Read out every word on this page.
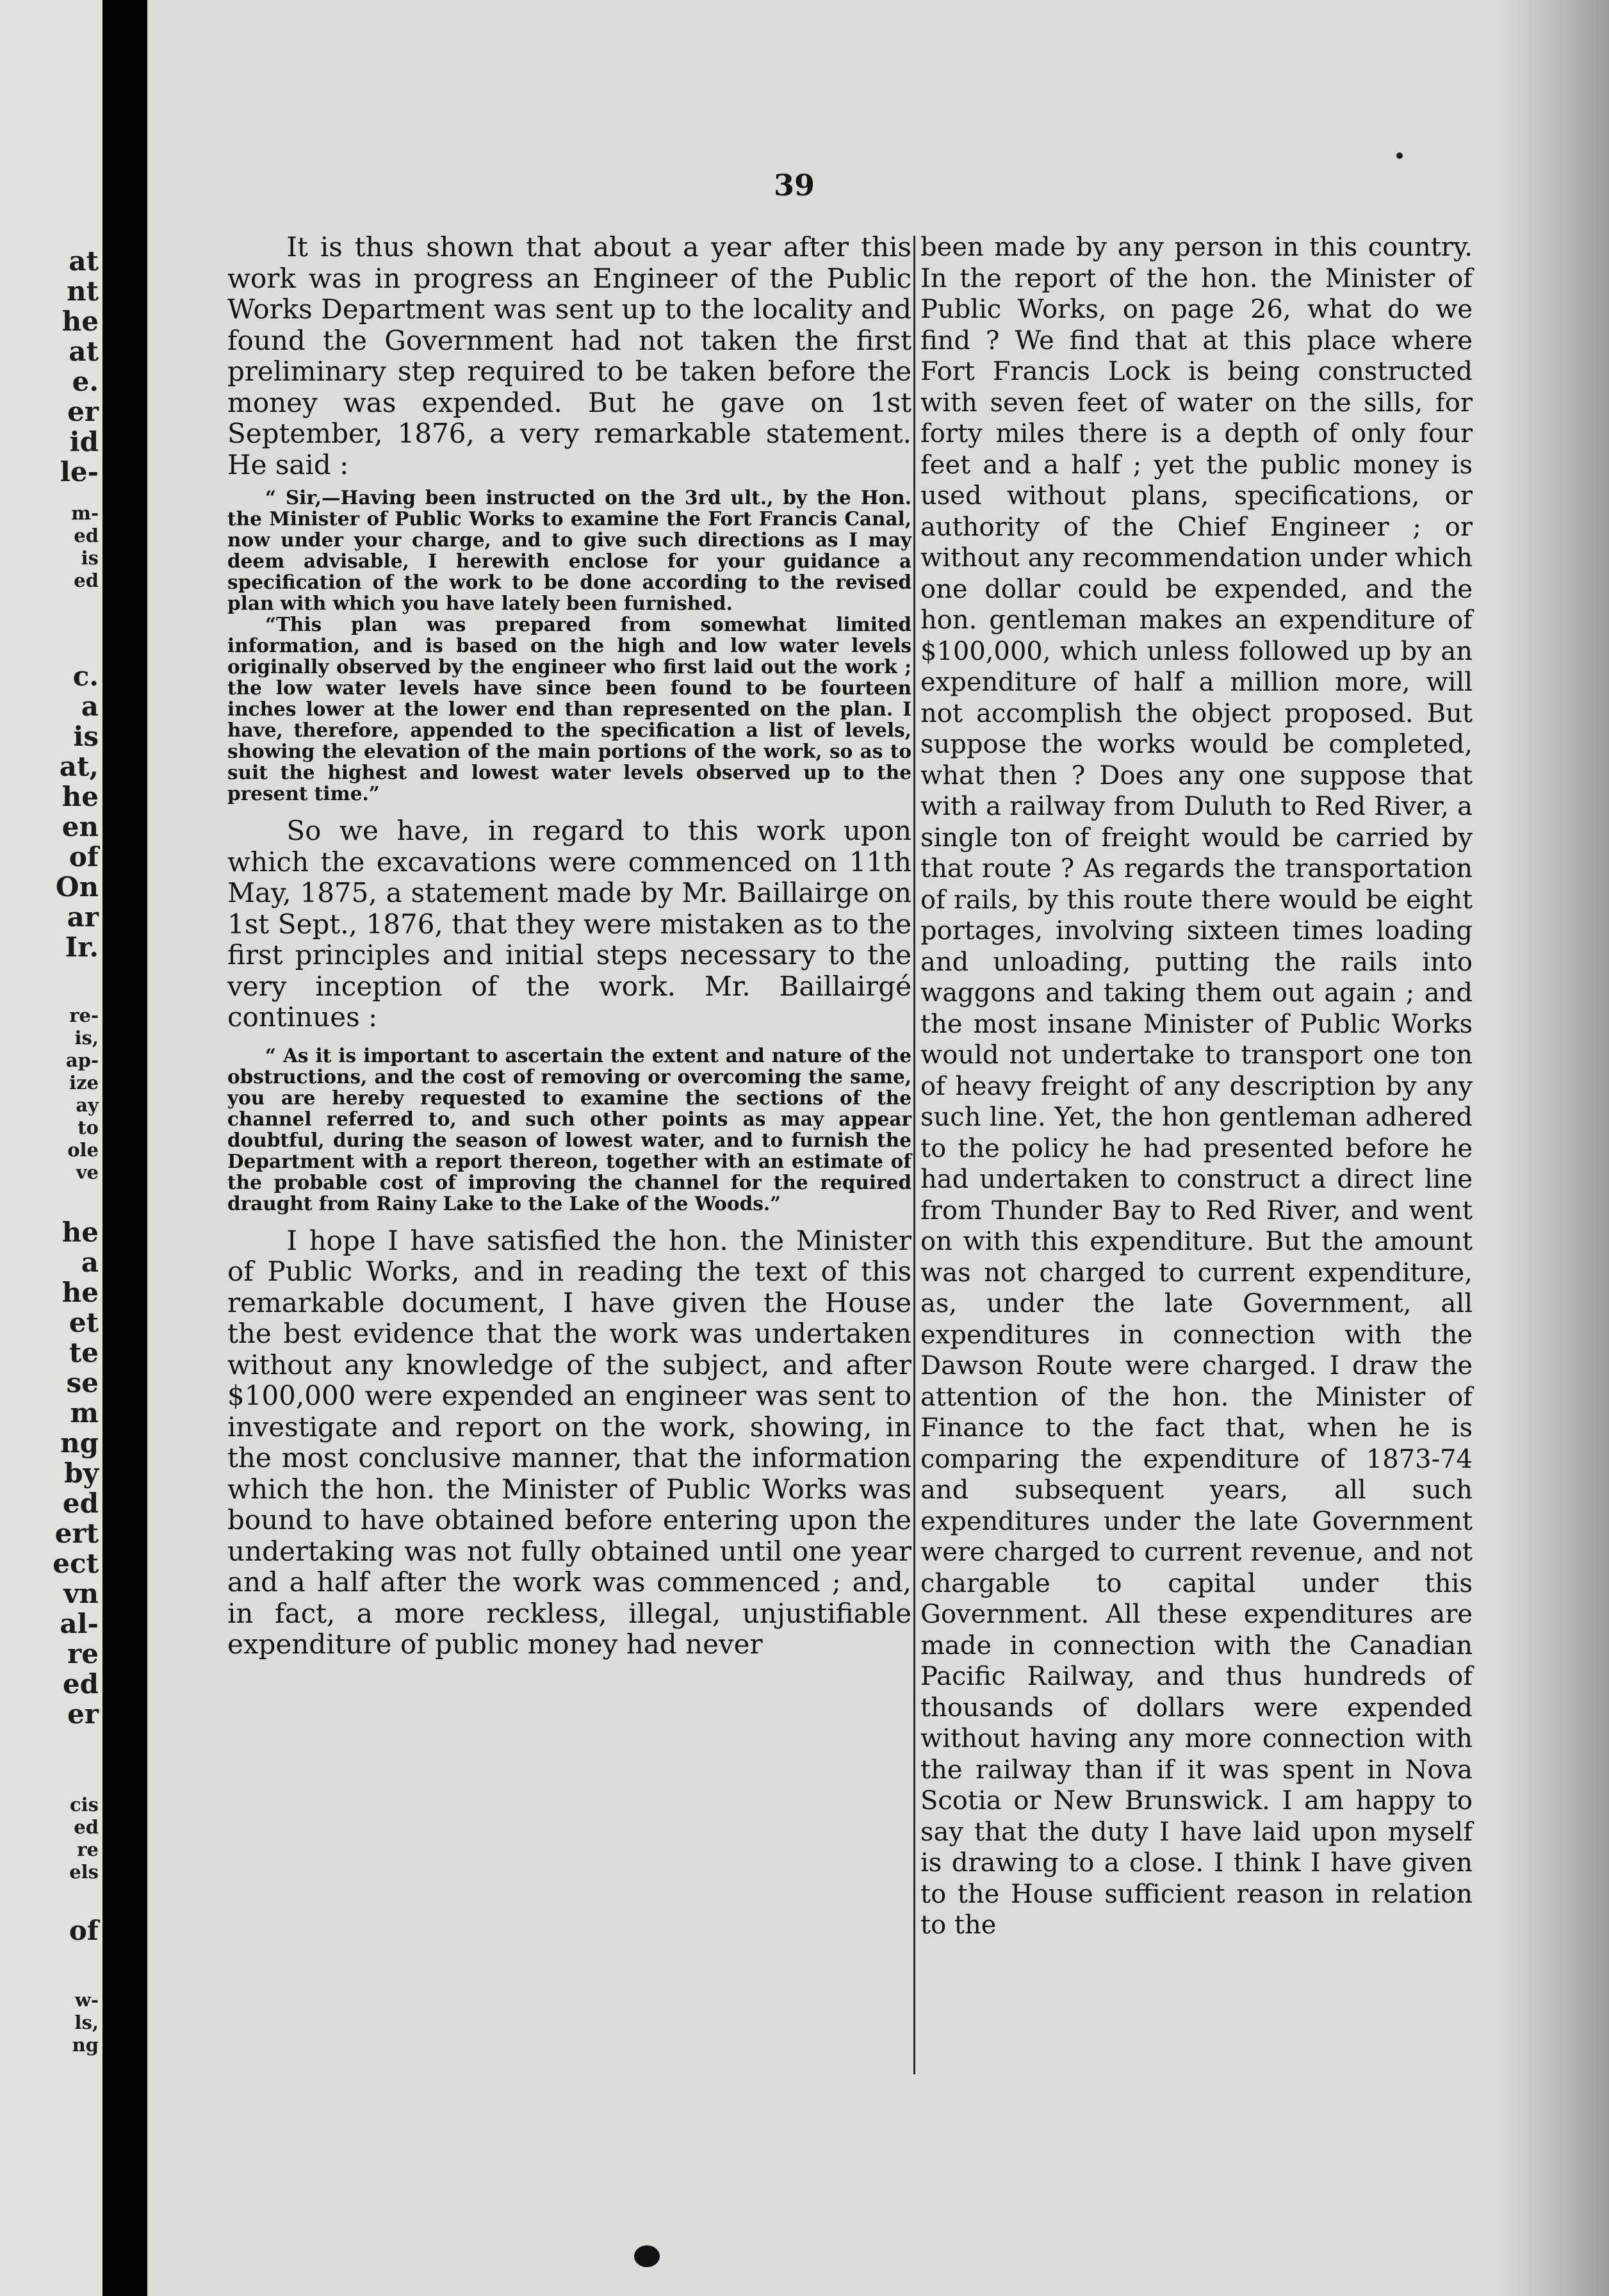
at

nt

he

at

e.

er

id

le-

m-

ed

is

ed

c.

a

is

at,

he

en

of

On

ar

Ir.

re-

is,

ap-

ize

ay

to

ole

ve

he

a

he

et

te

se

m

ng

by

ed

ert

ect

vn

al-

re

ed

er

cis

ed

re

els

of

w-

ls,

ng

39

It is thus shown that about a year after this work was in progress an Engineer of the Public Works Department was sent up to the locality and found the Government had not taken the first preliminary step required to be taken before the money was expended. But he gave on 1st September, 1876, a very remarkable statement. He said :

“ Sir,—Having been instructed on the 3rd ult., by the Hon. the Minister of Public Works to examine the Fort Francis Canal, now under your charge, and to give such directions as I may deem advisable, I herewith enclose for your guidance a specification of the work to be done according to the revised plan with which you have lately been furnished.

“This plan was prepared from somewhat limited information, and is based on the high and low water levels originally observed by the engineer who first laid out the work ; the low water levels have since been found to be fourteen inches lower at the lower end than represented on the plan. I have, therefore, appended to the specification a list of levels, showing the elevation of the main portions of the work, so as to suit the highest and lowest water levels observed up to the present time.”

So we have, in regard to this work upon which the excavations were commenced on 11th May, 1875, a statement made by Mr. Baillairge on 1st Sept., 1876, that they were mistaken as to the first principles and initial steps necessary to the very inception of the work. Mr. Baillairgé continues :

“ As it is important to ascertain the extent and nature of the obstructions, and the cost of removing or overcoming the same, you are hereby requested to examine the sections of the channel referred to, and such other points as may appear doubtful, during the season of lowest water, and to furnish the Department with a report thereon, together with an estimate of the probable cost of improving the channel for the required draught from Rainy Lake to the Lake of the Woods.”

I hope I have satisfied the hon. the Minister of Public Works, and in reading the text of this remarkable document, I have given the House the best evidence that the work was undertaken without any knowledge of the subject, and after $100,000 were expended an engineer was sent to investigate and report on the work, showing, in the most conclusive manner, that the information which the hon. the Minister of Public Works was bound to have obtained before entering upon the undertaking was not fully obtained until one year and a half after the work was commenced ; and, in fact, a more reckless, illegal, unjustifiable expenditure of public money had never

been made by any person in this country. In the report of the hon. the Minister of Public Works, on page 26, what do we find ? We find that at this place where Fort Francis Lock is being constructed with seven feet of water on the sills, for forty miles there is a depth of only four feet and a half ; yet the public money is used without plans, specifications, or authority of the Chief Engineer ; or without any recommendation under which one dollar could be expended, and the hon. gentleman makes an expenditure of $100,000, which unless followed up by an expenditure of half a million more, will not accomplish the object proposed. But suppose the works would be completed, what then ? Does any one suppose that with a railway from Duluth to Red River, a single ton of freight would be carried by that route ? As regards the transportation of rails, by this route there would be eight portages, involving sixteen times loading and unloading, putting the rails into waggons and taking them out again ; and the most insane Minister of Public Works would not undertake to transport one ton of heavy freight of any description by any such line. Yet, the hon gentleman adhered to the policy he had presented before he had undertaken to construct a direct line from Thunder Bay to Red River, and went on with this expenditure. But the amount was not charged to current expenditure, as, under the late Government, all expenditures in connection with the Dawson Route were charged. I draw the attention of the hon. the Minister of Finance to the fact that, when he is comparing the expenditure of 1873-74 and subsequent years, all such expenditures under the late Government were charged to current revenue, and not chargable to capital under this Government. All these expenditures are made in connection with the Canadian Pacific Railway, and thus hundreds of thousands of dollars were expended without having any more connection with the railway than if it was spent in Nova Scotia or New Brunswick. I am happy to say that the duty I have laid upon myself is drawing to a close. I think I have given to the House sufficient reason in relation to the
